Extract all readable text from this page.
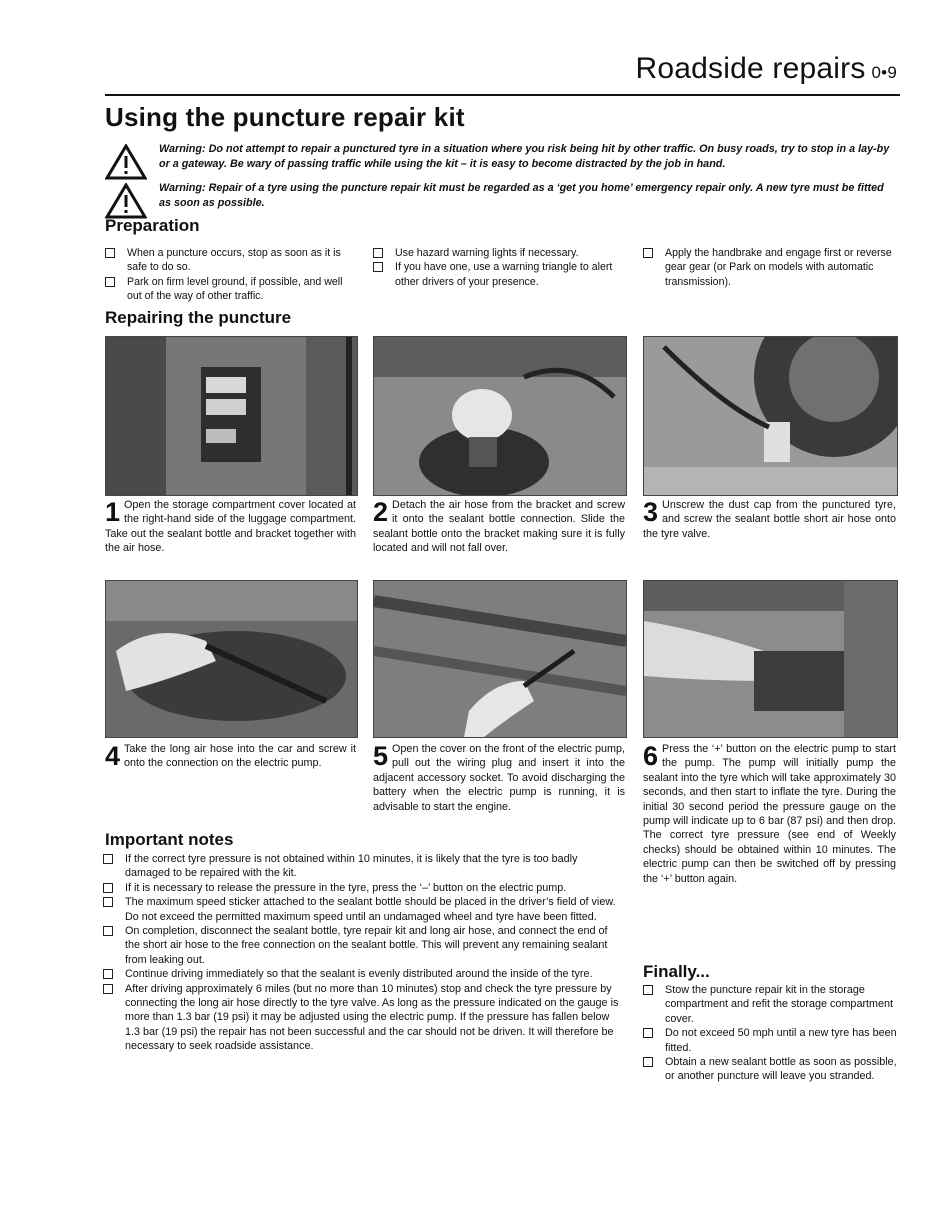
Roadside repairs 0•9
Using the puncture repair kit
Warning: Do not attempt to repair a punctured tyre in a situation where you risk being hit by other traffic. On busy roads, try to stop in a lay-by or a gateway. Be wary of passing traffic while using the kit – it is easy to become distracted by the job in hand.
Warning: Repair of a tyre using the puncture repair kit must be regarded as a ‘get you home’ emergency repair only. A new tyre must be fitted as soon as possible.
Preparation
When a puncture occurs, stop as soon as it is safe to do so.
Park on firm level ground, if possible, and well out of the way of other traffic.
Use hazard warning lights if necessary.
If you have one, use a warning triangle to alert other drivers of your presence.
Apply the handbrake and engage first or reverse gear gear (or Park on models with automatic transmission).
Repairing the puncture
1 Open the storage compartment cover located at the right-hand side of the luggage compartment. Take out the sealant bottle and bracket together with the air hose.
2 Detach the air hose from the bracket and screw it onto the sealant bottle connection. Slide the sealant bottle onto the bracket making sure it is fully located and will not fall over.
3 Unscrew the dust cap from the punctured tyre, and screw the sealant bottle short air hose onto the tyre valve.
4 Take the long air hose into the car and screw it onto the connection on the electric pump.	5 Open the cover on the front of the electric pump, pull out the wiring plug and insert it into the adjacent accessory socket. To avoid discharging the battery when the electric pump is running, it is advisable to start the engine.
6 Press the ‘+’ button on the electric pump to start the pump. The pump will initially pump the sealant into the tyre which will take approximately 30 seconds, and then start to inflate the tyre. During the initial 30 second period the pressure gauge on the pump will indicate up to 6 bar (87 psi) and then drop. The correct tyre pressure (see end of Weekly checks) should be obtained within 10 minutes. The electric pump can then be switched off by pressing the ‘+’ button again.
Important notes
If the correct tyre pressure is not obtained within 10 minutes, it is likely that the tyre is too badly damaged to be repaired with the kit.
If it is necessary to release the pressure in the tyre, press the ‘–’ button on the electric pump.
The maximum speed sticker attached to the sealant bottle should be placed in the driver’s field of view. Do not exceed the permitted maximum speed until an undamaged wheel and tyre have been fitted.
On completion, disconnect the sealant bottle, tyre repair kit and long air hose, and connect the end of the short air hose to the free connection on the sealant bottle. This will prevent any remaining sealant from leaking out.
Continue driving immediately so that the sealant is evenly distributed around the inside of the tyre.
After driving approximately 6 miles (but no more than 10 minutes) stop and check the tyre pressure by connecting the long air hose directly to the tyre valve. As long as the pressure indicated on the gauge is more than 1.3 bar (19 psi) it may be adjusted using the electric pump. If the pressure has fallen below 1.3 bar (19 psi) the repair has not been successful and the car should not be driven. It will therefore be necessary to seek roadside assistance.
Finally...
Stow the puncture repair kit in the storage compartment and refit the storage compartment cover.
Do not exceed 50 mph until a new tyre has been fitted.
Obtain a new sealant bottle as soon as possible, or another puncture will leave you stranded.
